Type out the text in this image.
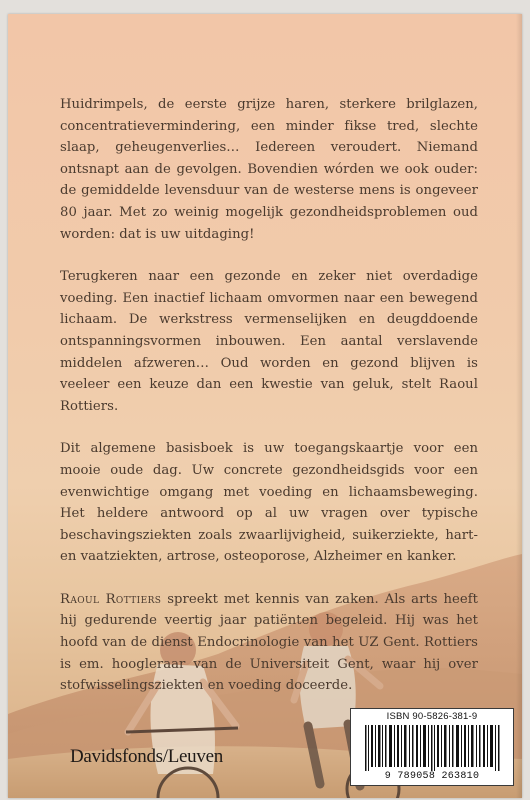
Huidrimpels, de eerste grijze haren, sterkere brilglazen, concentratievermindering, een minder fikse tred, slechte slaap, geheugenverlies… Iedereen veroudert. Niemand ontsnapt aan de gevolgen. Bovendien wórden we ook ouder: de gemiddelde levensduur van de westerse mens is ongeveer 80 jaar. Met zo weinig mogelijk gezondheidsproblemen oud worden: dat is uw uitdaging!

Terugkeren naar een gezonde en zeker niet overdadige voeding. Een inactief lichaam omvormen naar een bewegend lichaam. De werkstress vermenselijken en deugddoende ontspanningsvormen inbouwen. Een aantal verslavende middelen afzweren… Oud worden en gezond blijven is veeleer een keuze dan een kwestie van geluk, stelt Raoul Rottiers.

Dit algemene basisboek is uw toegangskaartje voor een mooie oude dag. Uw concrete gezondheidsgids voor een evenwichtige omgang met voeding en lichaamsbeweging. Het heldere antwoord op al uw vragen over typische beschavingsziekten zoals zwaarlijvigheid, suikerziekte, hart- en vaatziekten, artrose, osteoporose, Alzheimer en kanker.

Raoul Rottiers spreekt met kennis van zaken. Als arts heeft hij gedurende veertig jaar patiënten begeleid. Hij was het hoofd van de dienst Endocrinologie van het UZ Gent. Rottiers is em. hoogleraar van de Universiteit Gent, waar hij over stofwisselingsziekten en voeding doceerde.

Davidsfonds/Leuven
ISBN 90-5826-381-9
9 789058 263810
